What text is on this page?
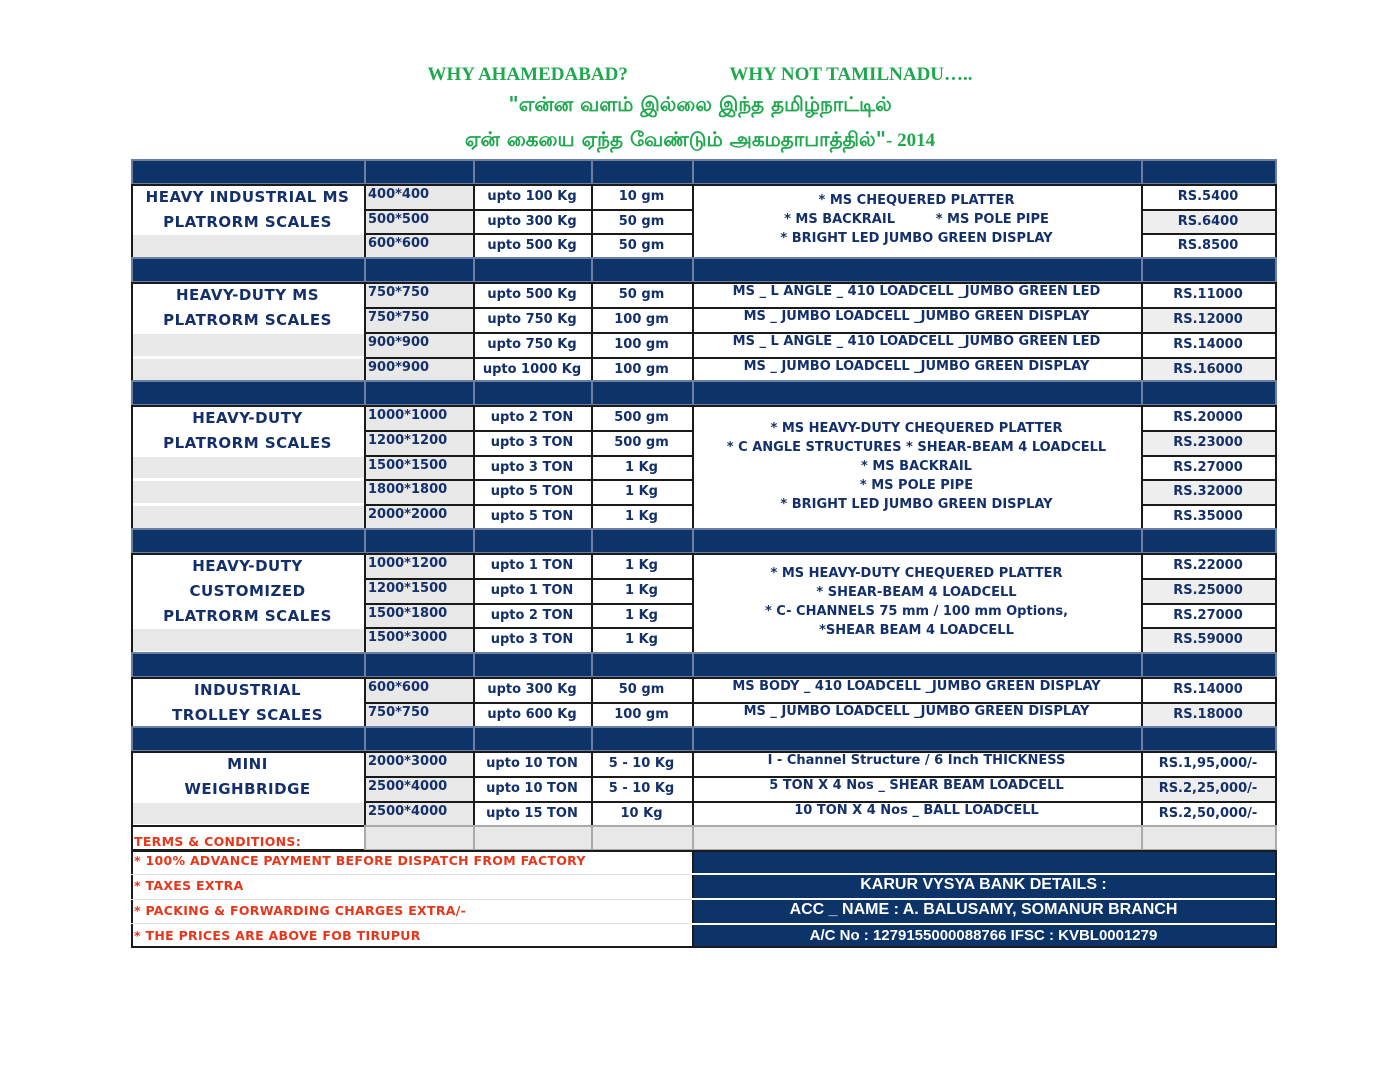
WHY AHAMEDABAD?	WHY NOT TAMILNADU…..
"என்ன வளம் இல்லை இந்த தமிழ்நாட்டில்
ஏன் கையை ஏந்த வேண்டும் அகமதாபாத்தில்"- 2014
HEAVY INDUSTRIAL MS
PLATRORM SCALES
400*400	upto 100 Kg	10 gm	RS.5400
500*500	upto 300 Kg	50 gm	RS.6400
600*600	upto 500 Kg	50 gm	RS.8500
* MS CHEQUERED PLATTER
* MS BACKRAIL         * MS POLE PIPE
* BRIGHT LED JUMBO GREEN DISPLAY
HEAVY-DUTY MS
PLATRORM SCALES
750*750	upto 500 Kg	50 gm	MS _ L ANGLE _ 410 LOADCELL _JUMBO GREEN LED	RS.11000
750*750	upto 750 Kg	100 gm	MS _ JUMBO LOADCELL _JUMBO GREEN DISPLAY	RS.12000
900*900	upto 750 Kg	100 gm	MS _ L ANGLE _ 410 LOADCELL _JUMBO GREEN LED	RS.14000
900*900	upto 1000 Kg	100 gm	MS _ JUMBO LOADCELL _JUMBO GREEN DISPLAY	RS.16000
HEAVY-DUTY
PLATRORM SCALES
1000*1000	upto 2 TON	500 gm	RS.20000
1200*1200	upto 3 TON	500 gm	RS.23000
1500*1500	upto 3 TON	1 Kg	RS.27000
1800*1800	upto 5 TON	1 Kg	RS.32000
2000*2000	upto 5 TON	1 Kg	RS.35000
* MS HEAVY-DUTY CHEQUERED PLATTER
* C ANGLE STRUCTURES * SHEAR-BEAM 4 LOADCELL
* MS BACKRAIL
* MS POLE PIPE
* BRIGHT LED JUMBO GREEN DISPLAY
HEAVY-DUTY
CUSTOMIZED
PLATRORM SCALES
1000*1200	upto 1 TON	1 Kg	RS.22000
1200*1500	upto 1 TON	1 Kg	RS.25000
1500*1800	upto 2 TON	1 Kg	RS.27000
1500*3000	upto 3 TON	1 Kg	RS.59000
* MS HEAVY-DUTY CHEQUERED PLATTER
* SHEAR-BEAM 4 LOADCELL
* C- CHANNELS 75 mm / 100 mm Options,
*SHEAR BEAM 4 LOADCELL
INDUSTRIAL
TROLLEY SCALES
600*600	upto 300 Kg	50 gm	MS BODY _ 410 LOADCELL _JUMBO GREEN DISPLAY	RS.14000
750*750	upto 600 Kg	100 gm	MS _ JUMBO LOADCELL _JUMBO GREEN DISPLAY	RS.18000
MINI
WEIGHBRIDGE
2000*3000	upto 10 TON	5 - 10 Kg	I - Channel Structure / 6 Inch THICKNESS	RS.1,95,000/-
2500*4000	upto 10 TON	5 - 10 Kg	5 TON X 4 Nos _ SHEAR BEAM LOADCELL	RS.2,25,000/-
2500*4000	upto 15 TON	10 Kg	10 TON X 4 Nos _ BALL LOADCELL	RS.2,50,000/-
TERMS & CONDITIONS:
* 100% ADVANCE PAYMENT BEFORE DISPATCH FROM FACTORY
* TAXES EXTRA
* PACKING & FORWARDING CHARGES EXTRA/-
* THE PRICES ARE ABOVE FOB TIRUPUR
KARUR VYSYA BANK DETAILS :
ACC _ NAME : A. BALUSAMY, SOMANUR BRANCH
A/C No : 1279155000088766 IFSC : KVBL0001279
